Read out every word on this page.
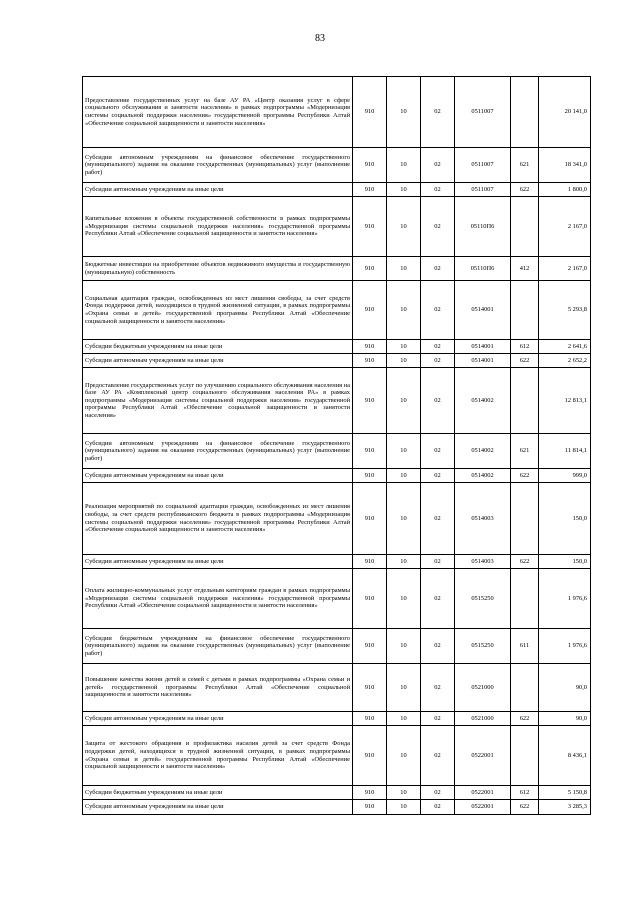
83
Предоставление государственных услуг на базе АУ РА «Центр оказания услуг в сфере социального обслуживания и занятости населения» в рамках подпрограммы «Модернизация системы социальной поддержки населения» государственной программы Республики Алтай «Обеспечение социальной защищенности и занятости населения»	910	10	02	0511007		20 141,0
Субсидии автономным учреждениям на финансовое обеспечение государственного (муниципального) задания на оказание государственных (муниципальных) услуг (выполнение работ)	910	10	02	0511007	621	18 341,0
Субсидии автономным учреждениям на иные цели	910	10	02	0511007	622	1 800,0
Капитальные вложения в объекты государственной собственности в рамках подпрограммы «Модернизация системы социальной поддержки населения» государственной программы Республики Алтай «Обеспечение социальной защищенности и занятости населения»	910	10	02	05110П6		2 167,0
Бюджетные инвестиции на приобретение объектов недвижимого имущества в государственную (муниципальную) собственность	910	10	02	05110П6	412	2 167,0
Социальная адаптация граждан, освобожденных из мест лишения свободы, за счет средств Фонда поддержки детей, находящихся в трудной жизненной ситуации, в рамках подпрограммы «Охрана семьи и детей» государственной программы Республики Алтай «Обеспечение социальной защищенности и занятости населения»	910	10	02	0514001		5 293,8
Субсидии бюджетным учреждениям на иные цели	910	10	02	0514001	612	2 641,6
Субсидии автономным учреждениям на иные цели	910	10	02	0514001	622	2 652,2
Предоставление государственных услуг по улучшению социального обслуживания населения на базе АУ РА «Комплексный центр социального обслуживания населения РА» в рамках подпрограммы «Модернизация системы социальной поддержки населения» государственной программы Республики Алтай «Обеспечение социальной защищенности и занятости населения»	910	10	02	0514002		12 813,1
Субсидии автономным учреждениям на финансовое обеспечение государственного (муниципального) задания на оказание государственных (муниципальных) услуг (выполнение работ)	910	10	02	0514002	621	11 814,1
Субсидии автономным учреждениям на иные цели	910	10	02	0514002	622	999,0
Реализация мероприятий по социальной адаптации граждан, освобожденных из мест лишения свободы, за счет средств республиканского бюджета в рамках подпрограммы «Модернизация системы социальной поддержки населения» государственной программы Республики Алтай «Обеспечение социальной защищенности и занятости населения»	910	10	02	0514003		150,0
Субсидии автономным учреждениям на иные цели	910	10	02	0514003	622	150,0
Оплата жилищно-коммунальных услуг отдельным категориям граждан в рамках подпрограммы «Модернизация системы социальной поддержки населения» государственной программы Республики Алтай «Обеспечение социальной защищенности и занятости населения»	910	10	02	0515250		1 976,6
Субсидии бюджетным учреждениям на финансовое обеспечение государственного (муниципального) задания на оказание государственных (муниципальных) услуг (выполнение работ)	910	10	02	0515250	611	1 976,6
Повышение качества жизни детей и семей с детьми в рамках подпрограммы «Охрана семьи и детей» государственной программы Республики Алтай «Обеспечение социальной защищенности и занятости населения»	910	10	02	0521000		90,0
Субсидии автономным учреждениям на иные цели	910	10	02	0521000	622	90,0
Защита от жестокого обращения и профилактика насилия детей за счет средств Фонда поддержки детей, находящихся в трудной жизненной ситуации, в рамках подпрограммы «Охрана семьи и детей» государственной программы Республики Алтай «Обеспечение социальной защищенности и занятости населения»	910	10	02	0522001		8 436,1
Субсидии бюджетным учреждениям на иные цели	910	10	02	0522001	612	5 150,8
Субсидии автономным учреждениям на иные цели	910	10	02	0522001	622	3 285,3
